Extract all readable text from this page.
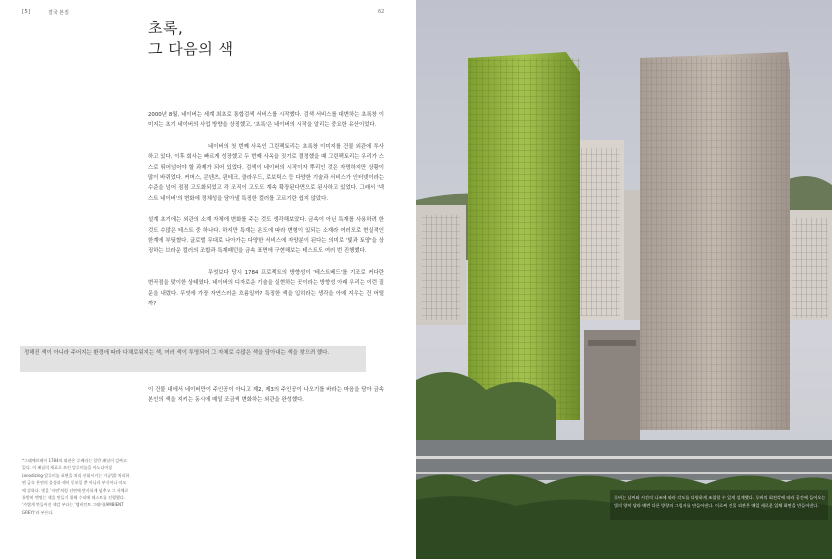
[5]	결국 본질	62
초록,
그 다음의 색

2000년 8월, 네이버는 세계 최초로 통합검색 서비스를 시작했다. 검색 서비스를 대변하는 초록창 이미지는 초기 네이버의 사업 방향을 상징했고, '초록'은 네이버의 시작을 알리는 중요한 유산이었다.

네이버의 첫 번째 사옥인 그린팩토리는 초록창 이미지를 건물 외관에 투사하고 있다. 이후 회사는 빠르게 성장했고 두 번째 사옥을 짓기로 결정했을 때 그린팩토리는 우리가 스스로 뛰어넘어야 할 과제가 되어 있었다. 검색이 네이버의 시작이자 뿌리인 것은 자명하지만 상황이 많이 바뀌었다. 커머스, 콘텐츠, 핀테크, 클라우드, 로보틱스 등 다양한 기술과 서비스가 인터넷이라는 수준을 넘어 점점 고도화되었고 각 조직이 고도도 계속 확장된다면으로 된사하고 있었다. 그래서 '넥스트 네이버'의 변화에 정체성을 담아낼 특징한 컬러를 고르기란 쉽지 않았다.

설계 초기에는 외관의 소재 자체에 변화를 주는 것도 생각해보았다. 금속이 아닌 특재를 사용하려 한 것도 수많은 테스트 중 하나다. 하지만 특재는 온도에 따라 변형이 있되는 소재라 여러모로 현실적인 한계에 부딪혔다. 글로벌 무대로 나아가는 다양한 서비스에 자양분이 된다는 의미로 '빛과 토양'을 상징하는 브라운 컬러의 조합과 특재패턴을 금속 표면에 구현해보는 테스트도 여러 번 진행했다.

무엇보다 당시 1784 프로젝트의 방향성이 '테스트베드'를 기조로 커다란 변곡점을 맞이한 상태였다. 네이버의 디자로운 기술을 실현하는 곳이라는 방향성 아래 우리는 이런 질문을 내렸다. 무엇에 가장 자연스러운 흐름일까? 특징한 색을 입히라는 생각을 아예 지우는 건 어떨까?

정해진 색이 아니라 주어지는 환경에 따라 다채로워지는 색, 여러 색이 투영되어 그 자체로 수많은 색을 담아내는 색을 찾으려 했다.

이 건물 내에서 네이버만이 주인공이 아니고 제2, 제3의 주인공이 나오기를 바라는 마음을 담아 금속 본인의 색을 지키는 동시에 매일 조금씩 변화하는 외관을 완성했다.

*그래예브레이 1784의 외관은 루베라는 일반 패널이 감싸고 있다. 이 패널의 재료로 쓰인 알루미늄을 아노다이징(anodizing·알루미늄 표면을 처리 산화시키는 가공법) 처리하면 금속 본연의 물성과 색이 동보일 뿐 아니라 부식이나 마모에 강하다. 빛을 '자연'처럼 선면에 반사되게 넘추고 그 자체로 통받히 맨명는 색을 만들기 위해 수리에 테스트를 진행했다. '가볍게 만들어진 색감 부다는 '엠비언트 그래이(AMBIENT GREY)'라 부른다.

루버는 날씨와 시간의 나조에 따라 각도를 다양하게 조절할 수 있게 설계했다. 루버의 회전각에 따라 공간에 들어오는 빛의 양이 달라 매번 다른 방향의 그림자를 만들어낸다. 이로써 건물 외관은 매일 새로운 입체 화면을 만들어낸다.
